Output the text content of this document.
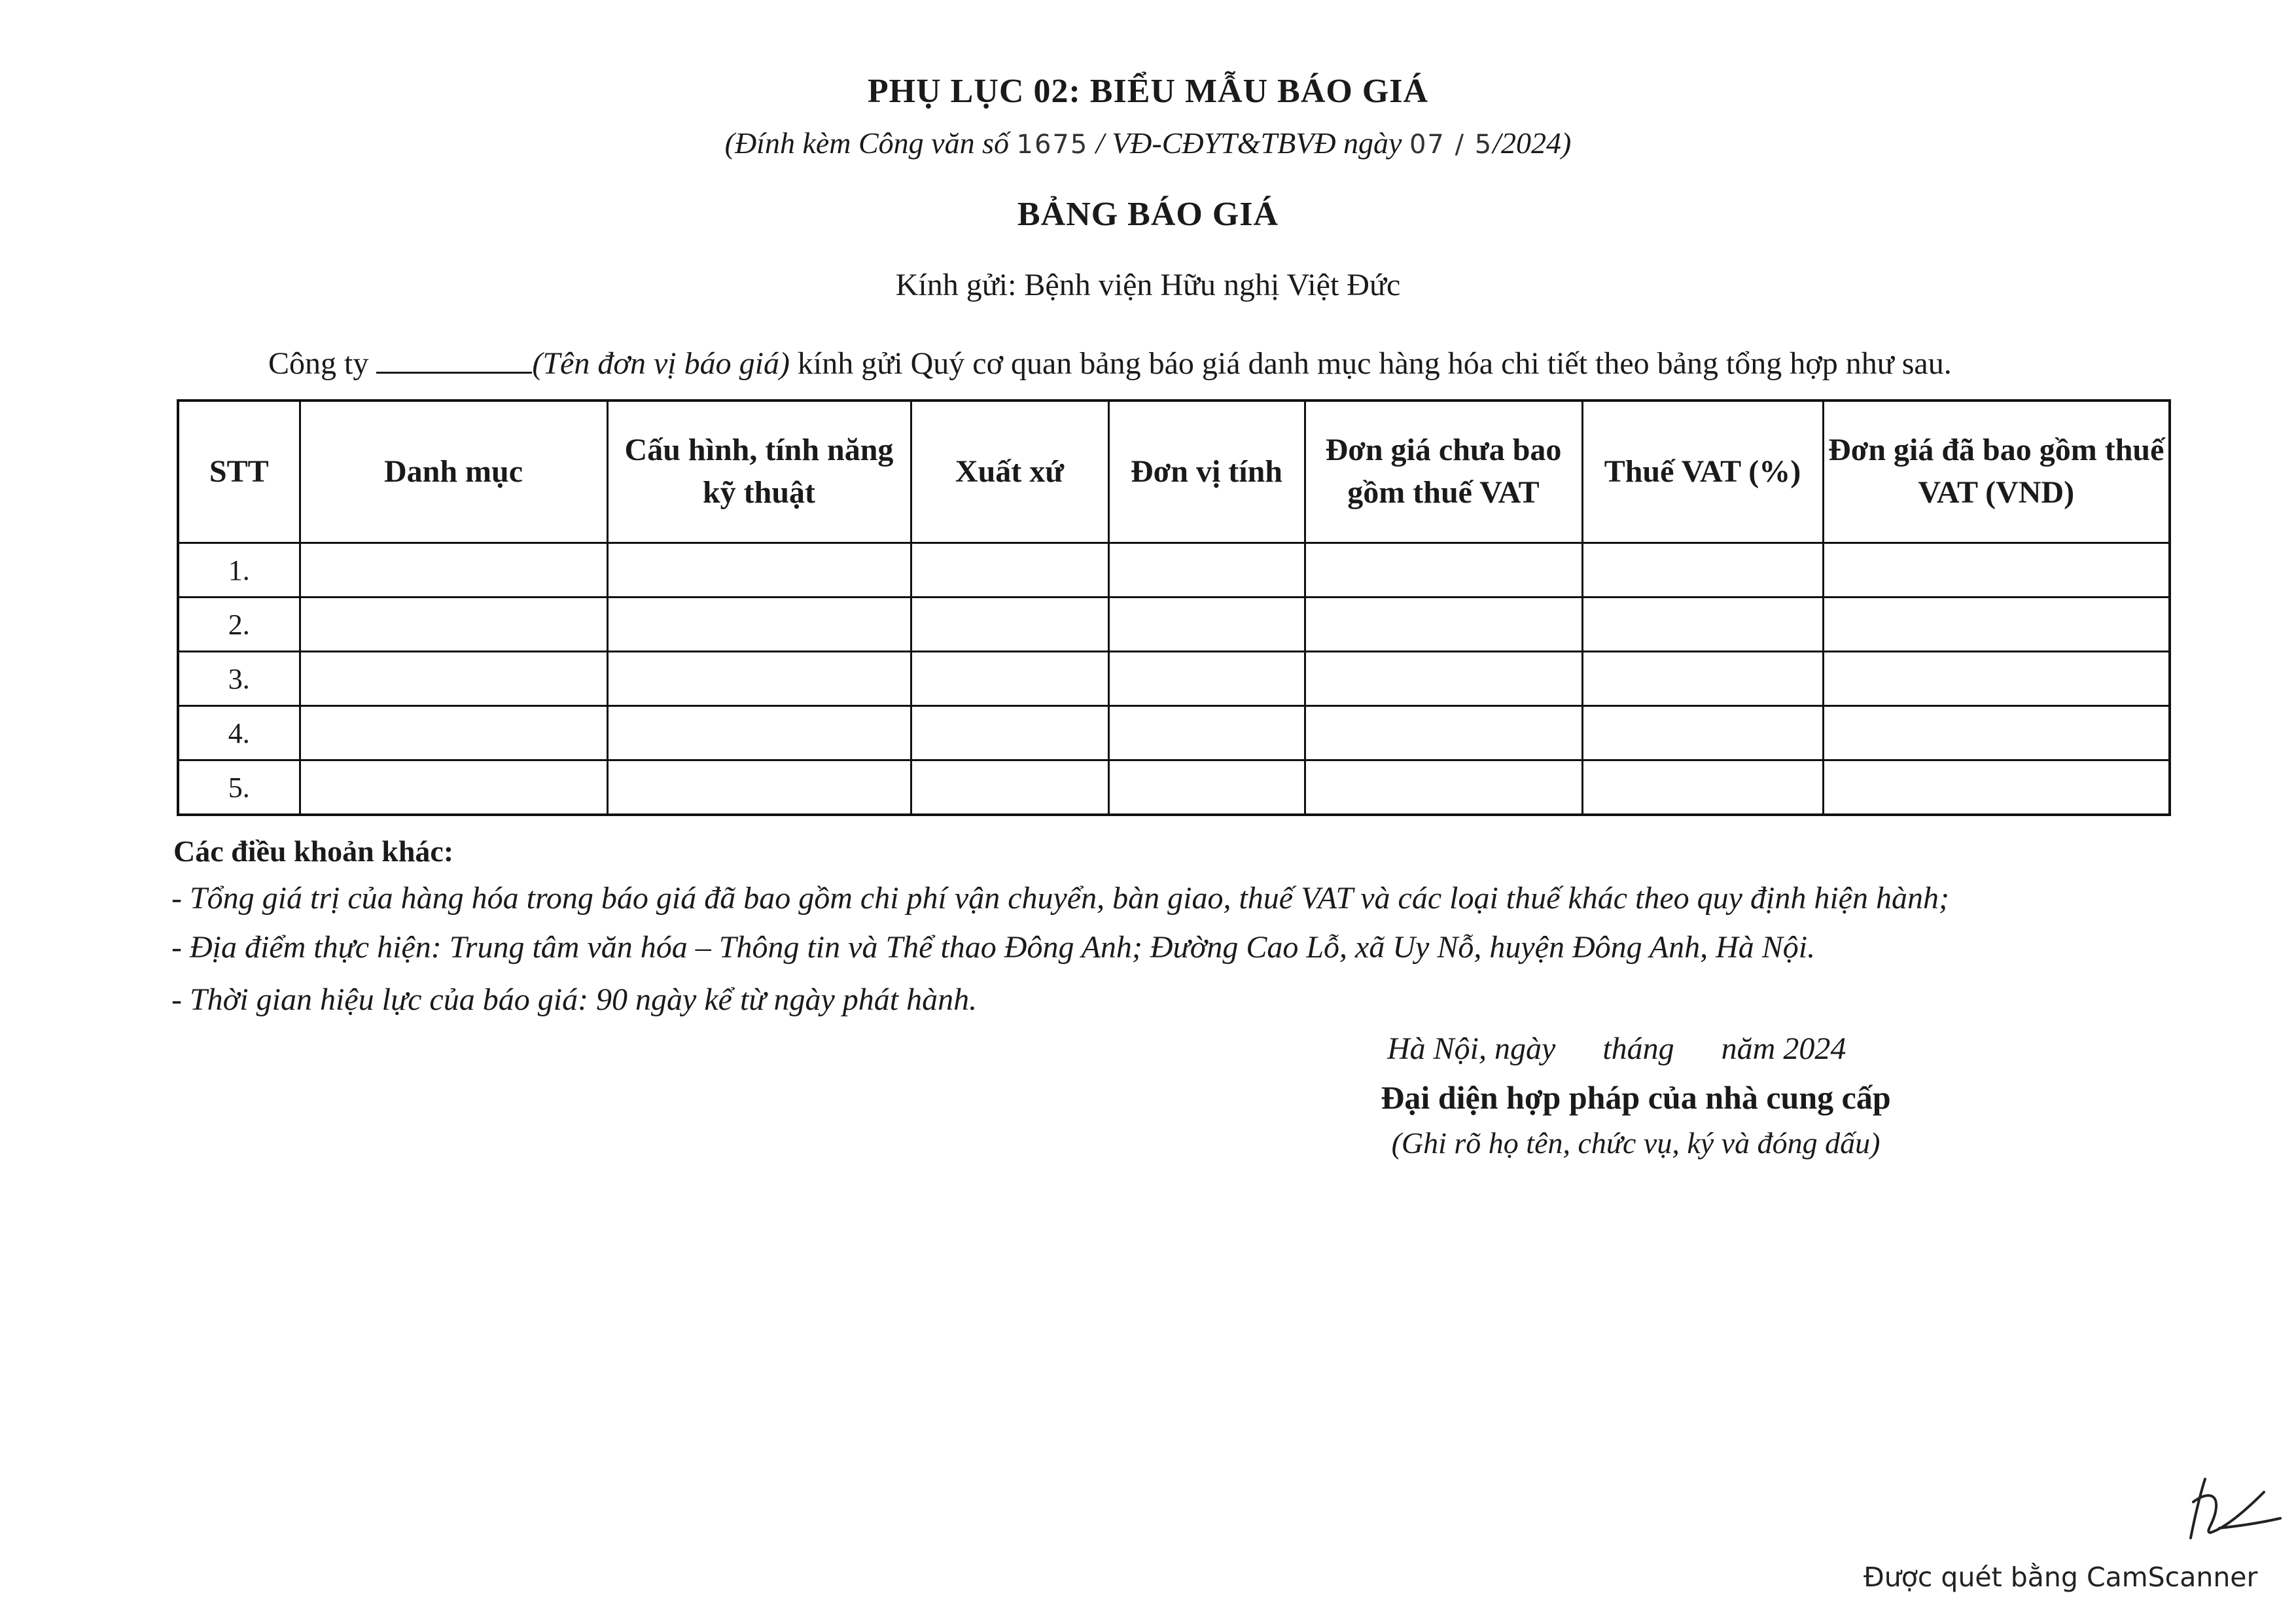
PHỤ LỤC 02: BIỂU MẪU BÁO GIÁ
(Đính kèm Công văn số 1675 / VĐ-CĐYT&TBVĐ ngày 07 / 5/2024)
BẢNG BÁO GIÁ
Kính gửi: Bệnh viện Hữu nghị Việt Đức
Công ty	(Tên đơn vị báo giá) kính gửi Quý cơ quan bảng báo giá danh mục hàng hóa chi tiết theo bảng tổng hợp như sau.
STT	Danh mục	Cấu hình, tính năng kỹ thuật	Xuất xứ	Đơn vị tính	Đơn giá chưa bao gồm thuế VAT	Thuế VAT (%)	Đơn giá đã bao gồm thuế VAT (VND)
1.							
2.							
3.							
4.							
5.							
Các điều khoản khác:
- Tổng giá trị của hàng hóa trong báo giá đã bao gồm chi phí vận chuyển, bàn giao, thuế VAT và các loại thuế khác theo quy định hiện hành;
- Địa điểm thực hiện: Trung tâm văn hóa – Thông tin và Thể thao Đông Anh; Đường Cao Lỗ, xã Uy Nỗ, huyện Đông Anh, Hà Nội.
- Thời gian hiệu lực của báo giá: 90 ngày kể từ ngày phát hành.
Hà Nội, ngày      tháng      năm 2024
Đại diện hợp pháp của nhà cung cấp
(Ghi rõ họ tên, chức vụ, ký và đóng dấu)
Được quét bằng CamScanner
